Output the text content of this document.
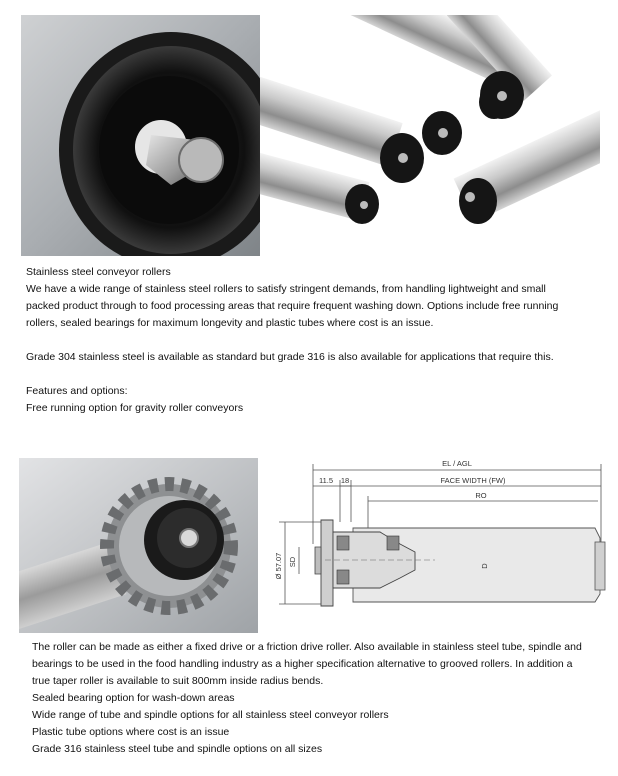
Stainless steel conveyor rollers
We have a wide range of stainless steel rollers to satisfy stringent demands, from handling lightweight and small
packed product through to food processing areas that require frequent washing down. Options include free running
rollers, sealed bearings for maximum longevity and plastic tubes where cost is an issue.
Grade 304 stainless steel is available as standard but grade 316 is also available for applications that require this.
Features and options:
Free running option for gravity roller conveyors
EL / AGL
FACE WIDTH (FW)
RO
11.5 18
Ø 57.07 SD	D
The roller can be made as either a fixed drive or a friction drive roller. Also available in stainless steel tube, spindle and
bearings to be used in the food handling industry as a higher specification alternative to grooved rollers. In addition a
true taper roller is available to suit 800mm inside radius bends.
Sealed bearing option for wash-down areas
Wide range of tube and spindle options for all stainless steel conveyor rollers
Plastic tube options where cost is an issue
Grade 316 stainless steel tube and spindle options on all sizes
